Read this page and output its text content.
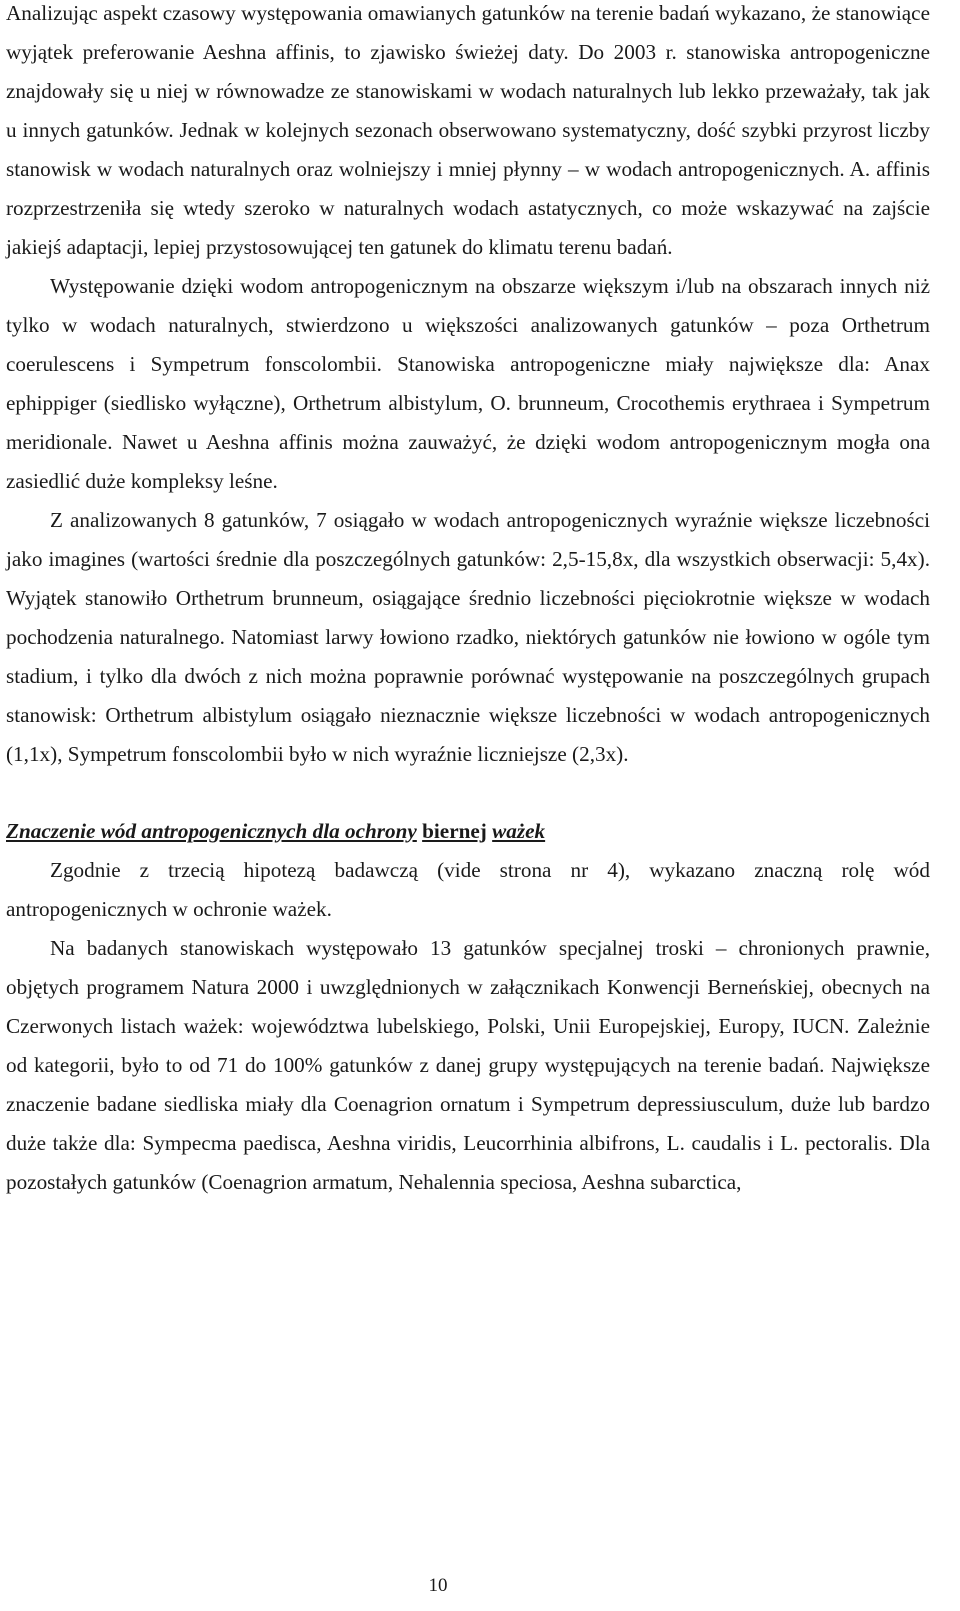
Analizując aspekt czasowy występowania omawianych gatunków na terenie badań wykazano, że stanowiące wyjątek preferowanie Aeshna affinis, to zjawisko świeżej daty. Do 2003 r. stanowiska antropogeniczne znajdowały się u niej w równowadze ze stanowiskami w wodach naturalnych lub lekko przeważały, tak jak u innych gatunków. Jednak w kolejnych sezonach obserwowano systematyczny, dość szybki przyrost liczby stanowisk w wodach naturalnych oraz wolniejszy i mniej płynny – w wodach antropogenicznych. A. affinis rozprzestrzeniła się wtedy szeroko w naturalnych wodach astatycznych, co może wskazywać na zajście jakiejś adaptacji, lepiej przystosowującej ten gatunek do klimatu terenu badań.

Występowanie dzięki wodom antropogenicznym na obszarze większym i/lub na obszarach innych niż tylko w wodach naturalnych, stwierdzono u większości analizowanych gatunków – poza Orthetrum coerulescens i Sympetrum fonscolombii. Stanowiska antropogeniczne miały największe dla: Anax ephippiger (siedlisko wyłączne), Orthetrum albistylum, O. brunneum, Crocothemis erythraea i Sympetrum meridionale. Nawet u Aeshna affinis można zauważyć, że dzięki wodom antropogenicznym mogła ona zasiedlić duże kompleksy leśne.

Z analizowanych 8 gatunków, 7 osiągało w wodach antropogenicznych wyraźnie większe liczebności jako imagines (wartości średnie dla poszczególnych gatunków: 2,5-15,8x, dla wszystkich obserwacji: 5,4x). Wyjątek stanowiło Orthetrum brunneum, osiągające średnio liczebności pięciokrotnie większe w wodach pochodzenia naturalnego. Natomiast larwy łowiono rzadko, niektórych gatunków nie łowiono w ogóle tym stadium, i tylko dla dwóch z nich można poprawnie porównać występowanie na poszczególnych grupach stanowisk: Orthetrum albistylum osiągało nieznacznie większe liczebności w wodach antropogenicznych (1,1x), Sympetrum fonscolombii było w nich wyraźnie liczniejsze (2,3x).

Znaczenie wód antropogenicznych dla ochrony biernej ważek

Zgodnie z trzecią hipotezą badawczą (vide strona nr 4), wykazano znaczną rolę wód antropogenicznych w ochronie ważek.

Na badanych stanowiskach występowało 13 gatunków specjalnej troski – chronionych prawnie, objętych programem Natura 2000 i uwzględnionych w załącznikach Konwencji Berneńskiej, obecnych na Czerwonych listach ważek: województwa lubelskiego, Polski, Unii Europejskiej, Europy, IUCN. Zależnie od kategorii, było to od 71 do 100% gatunków z danej grupy występujących na terenie badań. Największe znaczenie badane siedliska miały dla Coenagrion ornatum i Sympetrum depressiusculum, duże lub bardzo duże także dla: Sympecma paedisca, Aeshna viridis, Leucorrhinia albifrons, L. caudalis i L. pectoralis. Dla pozostałych gatunków (Coenagrion armatum, Nehalennia speciosa, Aeshna subarctica,

10
